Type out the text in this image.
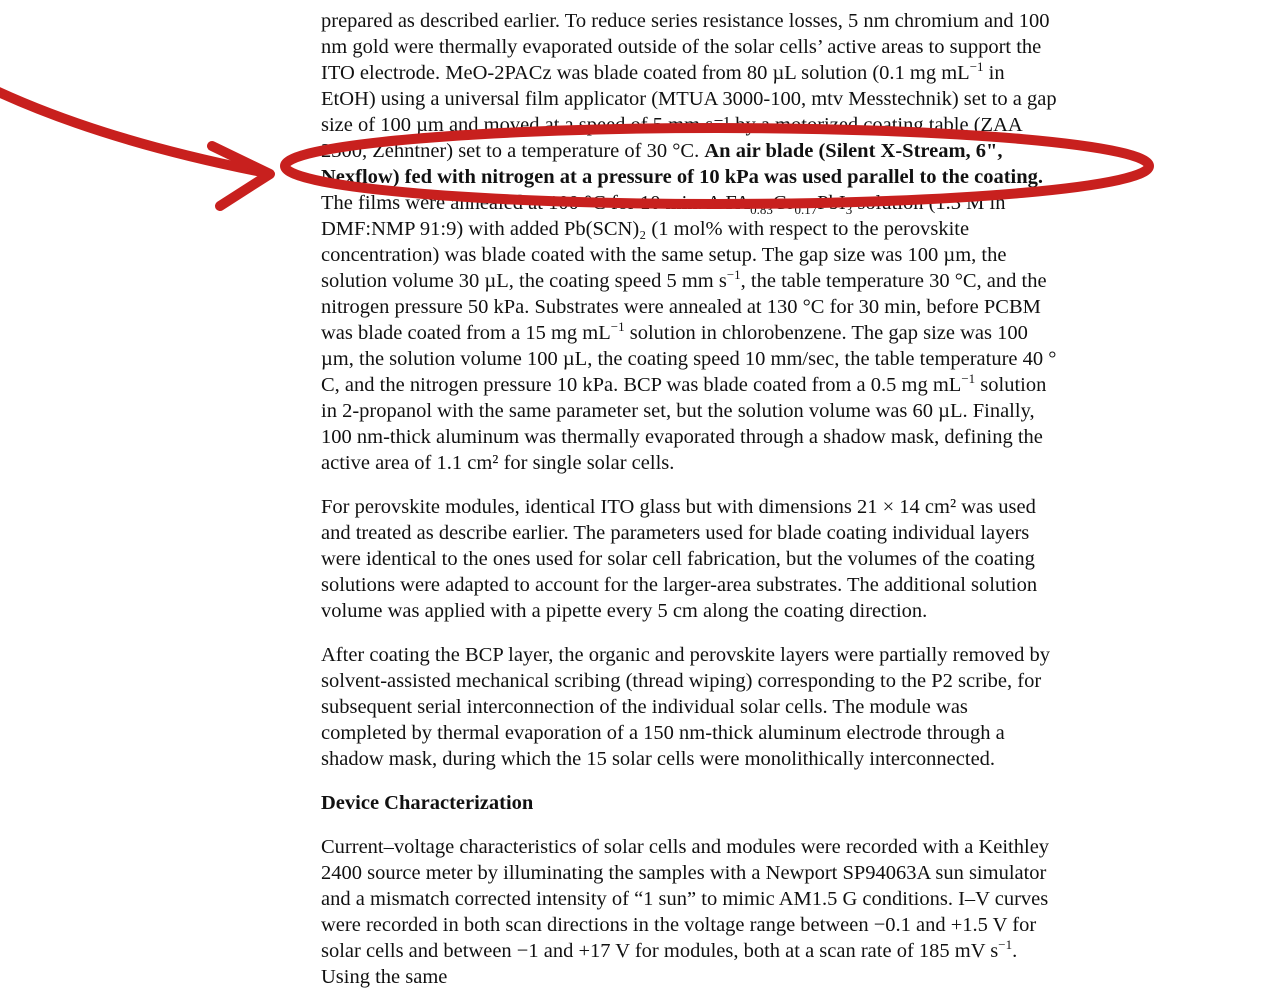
prepared as described earlier. To reduce series resistance losses, 5 nm chromium and 100
nm gold were thermally evaporated outside of the solar cells’ active areas to support the
ITO electrode. MeO-2PACz was blade coated from 80 µL solution (0.1 mg $mL^{-1}$ in
EtOH) using a universal film applicator (MTUA 3000-100, mtv Messtechnik) set to a gap
size of 100 µm and moved at a speed of 5 mm s⁻¹ by a motorized coating table (ZAA
2300, Zehntner) set to a temperature of 30 °C. An air blade (Silent X-Stream, 6",
Nexflow) fed with nitrogen at a pressure of 10 kPa was used parallel to the coating.
The films were annealed at 100 °C for 10 min. A $FA_{0.83}Cs_{0.17}PbI_3$ solution (1.3 M in
DMF:NMP 91:9) with added Pb(SCN)₂ (1 mol% with respect to the perovskite
concentration) was blade coated with the same setup. The gap size was 100 µm, the
solution volume 30 µL, the coating speed 5 mm $s^{-1}$, the table temperature 30 °C, and the
nitrogen pressure 50 kPa. Substrates were annealed at 130 °C for 30 min, before PCBM
was blade coated from a 15 mg $mL^{-1}$ solution in chlorobenzene. The gap size was 100
µm, the solution volume 100 µL, the coating speed 10 mm/sec, the table temperature 40 °
C, and the nitrogen pressure 10 kPa. BCP was blade coated from a 0.5 mg $mL^{-1}$ solution
in 2-propanol with the same parameter set, but the solution volume was 60 µL. Finally,
100 nm-thick aluminum was thermally evaporated through a shadow mask, defining the
active area of 1.1 cm² for single solar cells.

For perovskite modules, identical ITO glass but with dimensions 21 × 14 cm² was used
and treated as describe earlier. The parameters used for blade coating individual layers
were identical to the ones used for solar cell fabrication, but the volumes of the coating
solutions were adapted to account for the larger-area substrates. The additional solution
volume was applied with a pipette every 5 cm along the coating direction.

After coating the BCP layer, the organic and perovskite layers were partially removed by
solvent-assisted mechanical scribing (thread wiping) corresponding to the P2 scribe, for
subsequent serial interconnection of the individual solar cells. The module was
completed by thermal evaporation of a 150 nm-thick aluminum electrode through a
shadow mask, during which the 15 solar cells were monolithically interconnected.

Device Characterization

Current–voltage characteristics of solar cells and modules were recorded with a Keithley
2400 source meter by illuminating the samples with a Newport SP94063A sun simulator
and a mismatch corrected intensity of “1 sun” to mimic AM1.5 G conditions. I–V curves
were recorded in both scan directions in the voltage range between −0.1 and +1.5 V for
solar cells and between −1 and +17 V for modules, both at a scan rate of 185 mV $s^{-1}$.
Using the same
